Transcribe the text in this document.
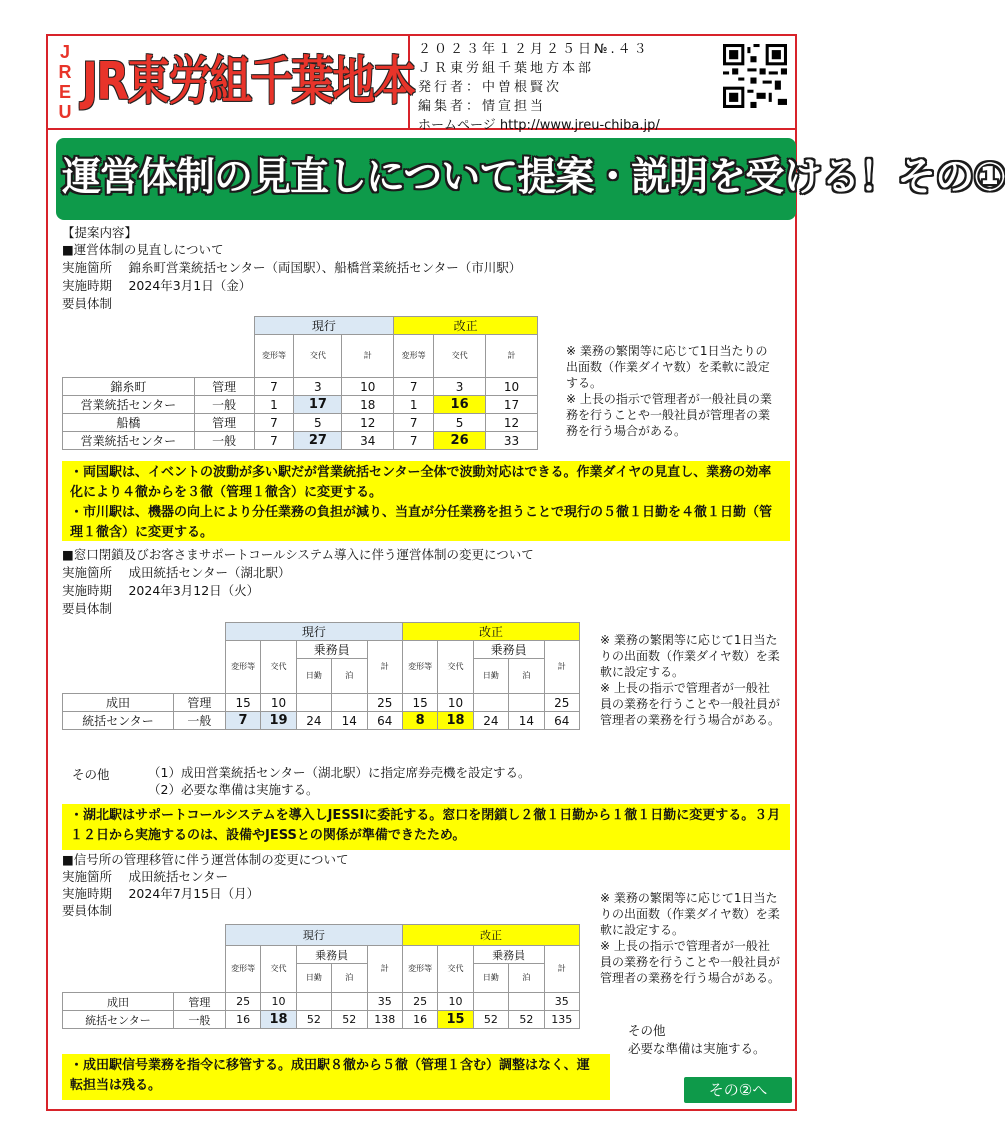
J
R
E
U JR東労組千葉地本
２０２３年１２月２５日№.４３
ＪＲ東労組千葉地方本部
発行者：中曽根賢次
編集者：情宣担当
ホームページ http://www.jreu-chiba.jp/
運営体制の見直しについて提案・説明を受ける！その①
【提案内容】
■運営体制の見直しについて
実施箇所　 錦糸町営業統括センター（両国駅）、船橋営業統括センター（市川駅）
実施時期　 2024年3月1日（金）
要員体制
		現行			改正		
		変形等	交代	計	変形等	交代	計
錦糸町	管理	7	3	10	7	3	10
営業統括センター	一般	1	17	18	1	16	17
船橋	管理	7	5	12	7	5	12
営業統括センター	一般	7	27	34	7	26	33
※ 業務の繁閑等に応じて1日当たりの出面数（作業ダイヤ数）を柔軟に設定する。
※ 上長の指示で管理者が一般社員の業務を行うことや一般社員が管理者の業務を行う場合がある。
・両国駅は、イベントの波動が多い駅だが営業統括センター全体で波動対応はできる。作業ダイヤの見直し、業務の効率化により４徹からを３徹（管理１徹含）に変更する。
・市川駅は、機器の向上により分任業務の負担が減り、当直が分任業務を担うことで現行の５徹１日勤を４徹１日勤（管理１徹含）に変更する。
■窓口閉鎖及びお客さまサポートコールシステム導入に伴う運営体制の変更について
実施箇所　 成田統括センター（湖北駅）
実施時期　 2024年3月12日（火）
要員体制
		現行					改正				
		変形等	交代	乗務員		計	変形等	交代	乗務員		計
				日勤	泊				日勤	泊	
成田	管理	15	10			25	15	10			25
統括センター	一般	7	19	24	14	64	8	18	24	14	64
※ 業務の繁閑等に応じて1日当たりの出面数（作業ダイヤ数）を柔軟に設定する。
※ 上長の指示で管理者が一般社員の業務を行うことや一般社員が管理者の業務を行う場合がある。
その他	（1）成田営業統括センター（湖北駅）に指定席券売機を設定する。
（2）必要な準備は実施する。
・湖北駅はサポートコールシステムを導入しJESSIに委託する。窓口を閉鎖し２徹１日勤から１徹１日勤に変更する。３月１２日から実施するのは、設備やJESSとの関係が準備できたため。
■信号所の管理移管に伴う運営体制の変更について
実施箇所　 成田統括センター
実施時期　 2024年7月15日（月）
要員体制
		現行					改正				
		変形等	交代	乗務員		計	変形等	交代	乗務員		計
				日勤	泊				日勤	泊	
成田	管理	25	10			35	25	10			35
統括センター	一般	16	18	52	52	138	16	15	52	52	135
※ 業務の繁閑等に応じて1日当たりの出面数（作業ダイヤ数）を柔軟に設定する。
※ 上長の指示で管理者が一般社員の業務を行うことや一般社員が管理者の業務を行う場合がある。
その他
必要な準備は実施する。
・成田駅信号業務を指令に移管する。成田駅８徹から５徹（管理１含む）調整はなく、運転担当は残る。	その②へ
